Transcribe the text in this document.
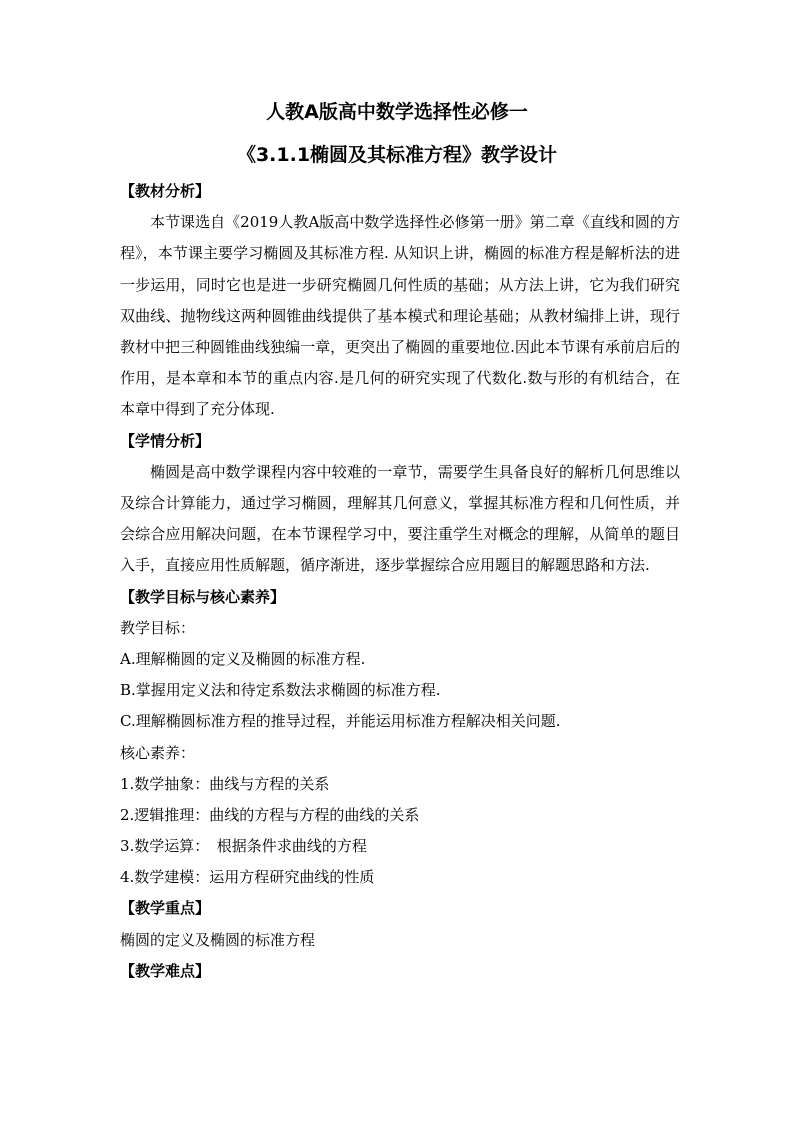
人教A版高中数学选择性必修一
《3.1.1椭圆及其标准方程》教学设计
【教材分析】

本节课选自《2019人教A版高中数学选择性必修第一册》第二章《直线和圆的方程》，本节课主要学习椭圆及其标准方程. 从知识上讲，椭圆的标准方程是解析法的进一步运用，同时它也是进一步研究椭圆几何性质的基础；从方法上讲，它为我们研究双曲线、抛物线这两种圆锥曲线提供了基本模式和理论基础；从教材编排上讲，现行教材中把三种圆锥曲线独编一章，更突出了椭圆的重要地位.因此本节课有承前启后的作用，是本章和本节的重点内容.是几何的研究实现了代数化.数与形的有机结合，在本章中得到了充分体现.

【学情分析】

椭圆是高中数学课程内容中较难的一章节，需要学生具备良好的解析几何思维以及综合计算能力，通过学习椭圆，理解其几何意义，掌握其标准方程和几何性质，并会综合应用解决问题，在本节课程学习中，要注重学生对概念的理解，从简单的题目入手，直接应用性质解题，循序渐进，逐步掌握综合应用题目的解题思路和方法.

【教学目标与核心素养】
教学目标：
A.理解椭圆的定义及椭圆的标准方程.
B.掌握用定义法和待定系数法求椭圆的标准方程.
C.理解椭圆标准方程的推导过程，并能运用标准方程解决相关问题.
核心素养：
1.数学抽象：曲线与方程的关系
2.逻辑推理：曲线的方程与方程的曲线的关系
3.数学运算：　根据条件求曲线的方程
4.数学建模：运用方程研究曲线的性质
【教学重点】
椭圆的定义及椭圆的标准方程
【教学难点】
